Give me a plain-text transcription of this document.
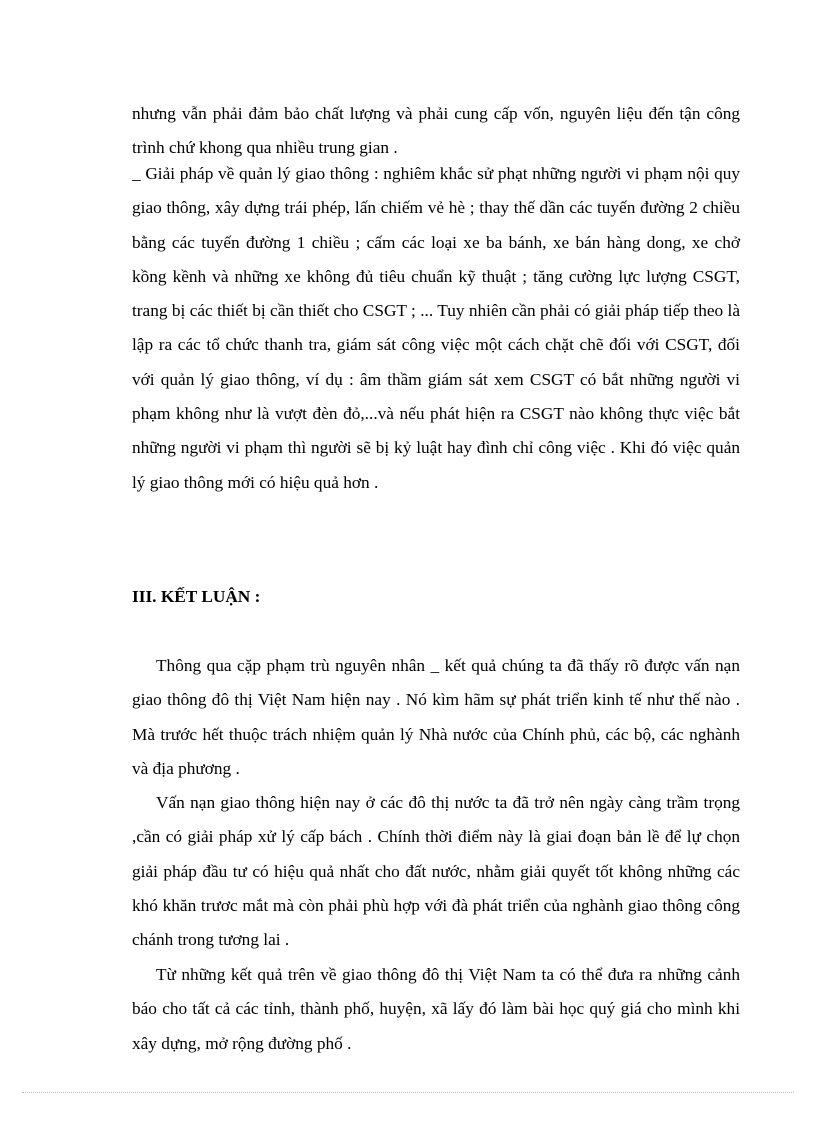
nhưng vẫn phải đảm bảo chất lượng và phải cung cấp vốn, nguyên liệu đến tận công trình chứ khong qua nhiều trung gian .

_ Giải pháp về quản lý giao thông : nghiêm khắc sử phạt những người vi phạm nội quy giao thông, xây dựng trái phép, lấn chiếm vẻ hè ; thay thế dần các tuyến đường 2 chiều bằng các tuyến đường 1 chiều ; cấm các loại xe ba bánh, xe bán hàng dong, xe chở kồng kềnh và những xe không đủ tiêu chuẩn kỹ thuật ; tăng cường lực lượng CSGT, trang bị các thiết bị cần thiết cho CSGT ; ... Tuy nhiên cần phải có giải pháp tiếp theo là lập ra các tổ chức thanh tra, giám sát công việc một cách chặt chẽ đối với CSGT, đối với quản lý giao thông, ví dụ : âm thầm giám sát xem CSGT có bắt những người vi phạm không như là vượt đèn đỏ,...và nếu phát hiện ra CSGT nào không thực việc bắt những người vi phạm thì người sẽ bị kỷ luật hay đình chỉ công việc . Khi đó việc quản lý giao thông mới có hiệu quả hơn .

III. KẾT LUẬN :

Thông qua cặp phạm trù nguyên nhân _ kết quả chúng ta đã thấy rõ được vấn nạn giao thông đô thị Việt Nam hiện nay . Nó kìm hãm sự phát triển kinh tế như thế nào . Mà trước hết thuộc trách nhiệm quản lý Nhà nước của Chính phủ, các bộ, các nghành và địa phương .

Vấn nạn giao thông hiện nay ở các đô thị nước ta đã trở nên ngày càng trầm trọng ,cần có giải pháp xử lý cấp bách . Chính thời điểm này là giai đoạn bản lề để lự chọn giải pháp đầu tư có hiệu quả nhất cho đất nước, nhằm giải quyết tốt không những các khó khăn trươc mắt mà còn phải phù hợp với đà phát triển của nghành giao thông công chánh trong tương lai .

Từ những kết quả trên về giao thông đô thị Việt Nam ta có thể đưa ra những cảnh báo cho tất cả các tỉnh, thành phố, huyện, xã lấy đó làm bài học quý giá cho mình khi xây dựng, mở rộng đường phố .
